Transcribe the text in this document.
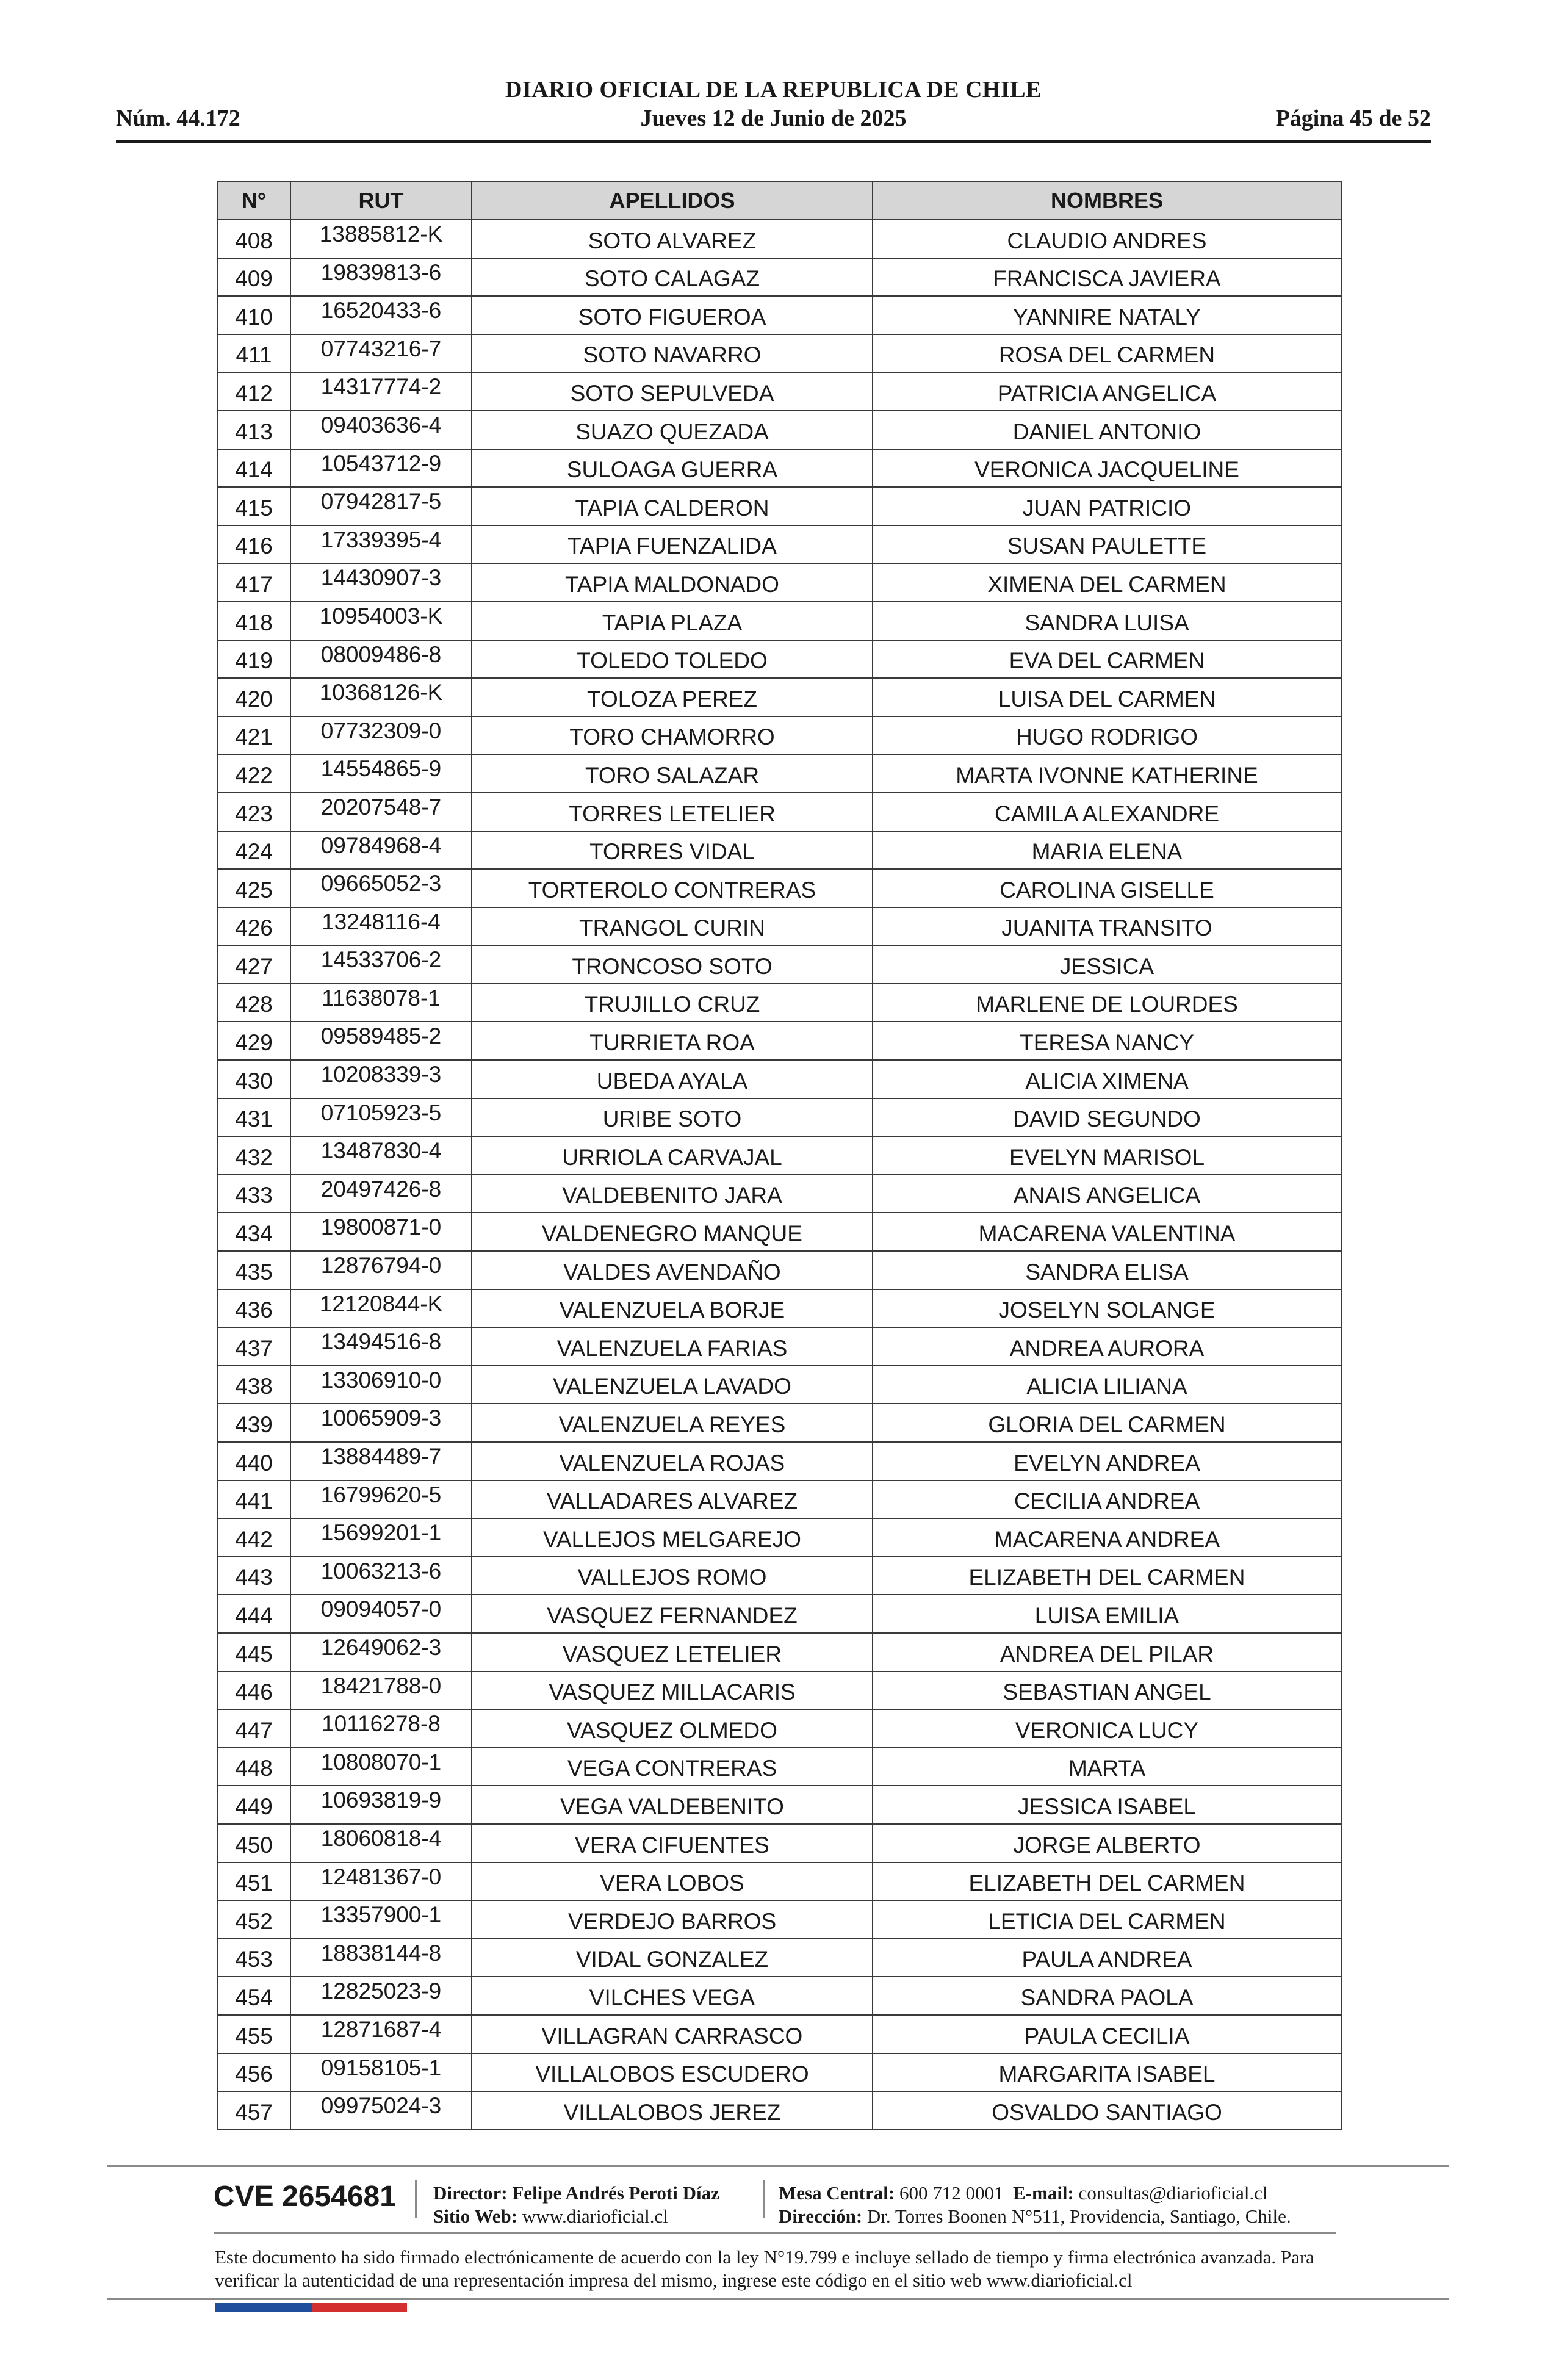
DIARIO OFICIAL DE LA REPUBLICA DE CHILE
Núm. 44.172	Jueves 12 de Junio de 2025	Página 45 de 52
N°	RUT	APELLIDOS	NOMBRES
408	13885812-K	SOTO ALVAREZ	CLAUDIO ANDRES
409	19839813-6	SOTO CALAGAZ	FRANCISCA JAVIERA
410	16520433-6	SOTO FIGUEROA	YANNIRE NATALY
411	07743216-7	SOTO NAVARRO	ROSA DEL CARMEN
412	14317774-2	SOTO SEPULVEDA	PATRICIA ANGELICA
413	09403636-4	SUAZO QUEZADA	DANIEL ANTONIO
414	10543712-9	SULOAGA GUERRA	VERONICA JACQUELINE
415	07942817-5	TAPIA CALDERON	JUAN PATRICIO
416	17339395-4	TAPIA FUENZALIDA	SUSAN PAULETTE
417	14430907-3	TAPIA MALDONADO	XIMENA DEL CARMEN
418	10954003-K	TAPIA PLAZA	SANDRA LUISA
419	08009486-8	TOLEDO TOLEDO	EVA DEL CARMEN
420	10368126-K	TOLOZA PEREZ	LUISA DEL CARMEN
421	07732309-0	TORO CHAMORRO	HUGO RODRIGO
422	14554865-9	TORO SALAZAR	MARTA IVONNE KATHERINE
423	20207548-7	TORRES LETELIER	CAMILA ALEXANDRE
424	09784968-4	TORRES VIDAL	MARIA ELENA
425	09665052-3	TORTEROLO CONTRERAS	CAROLINA GISELLE
426	13248116-4	TRANGOL CURIN	JUANITA TRANSITO
427	14533706-2	TRONCOSO SOTO	JESSICA
428	11638078-1	TRUJILLO CRUZ	MARLENE DE LOURDES
429	09589485-2	TURRIETA ROA	TERESA NANCY
430	10208339-3	UBEDA AYALA	ALICIA XIMENA
431	07105923-5	URIBE SOTO	DAVID SEGUNDO
432	13487830-4	URRIOLA CARVAJAL	EVELYN MARISOL
433	20497426-8	VALDEBENITO JARA	ANAIS ANGELICA
434	19800871-0	VALDENEGRO MANQUE	MACARENA VALENTINA
435	12876794-0	VALDES AVENDAÑO	SANDRA ELISA
436	12120844-K	VALENZUELA BORJE	JOSELYN SOLANGE
437	13494516-8	VALENZUELA FARIAS	ANDREA AURORA
438	13306910-0	VALENZUELA LAVADO	ALICIA LILIANA
439	10065909-3	VALENZUELA REYES	GLORIA DEL CARMEN
440	13884489-7	VALENZUELA ROJAS	EVELYN ANDREA
441	16799620-5	VALLADARES ALVAREZ	CECILIA ANDREA
442	15699201-1	VALLEJOS MELGAREJO	MACARENA ANDREA
443	10063213-6	VALLEJOS ROMO	ELIZABETH DEL CARMEN
444	09094057-0	VASQUEZ FERNANDEZ	LUISA EMILIA
445	12649062-3	VASQUEZ LETELIER	ANDREA DEL PILAR
446	18421788-0	VASQUEZ MILLACARIS	SEBASTIAN ANGEL
447	10116278-8	VASQUEZ OLMEDO	VERONICA LUCY
448	10808070-1	VEGA CONTRERAS	MARTA
449	10693819-9	VEGA VALDEBENITO	JESSICA ISABEL
450	18060818-4	VERA CIFUENTES	JORGE ALBERTO
451	12481367-0	VERA LOBOS	ELIZABETH DEL CARMEN
452	13357900-1	VERDEJO BARROS	LETICIA DEL CARMEN
453	18838144-8	VIDAL GONZALEZ	PAULA ANDREA
454	12825023-9	VILCHES VEGA	SANDRA PAOLA
455	12871687-4	VILLAGRAN CARRASCO	PAULA CECILIA
456	09158105-1	VILLALOBOS ESCUDERO	MARGARITA ISABEL
457	09975024-3	VILLALOBOS JEREZ	OSVALDO SANTIAGO
CVE 2654681 Director: Felipe Andrés Peroti Díaz
Sitio Web: www.diarioficial.cl
Mesa Central: 600 712 0001 E-mail: consultas@diarioficial.cl
Dirección: Dr. Torres Boonen N°511, Providencia, Santiago, Chile.
Este documento ha sido firmado electrónicamente de acuerdo con la ley N°19.799 e incluye sellado de tiempo y firma electrónica avanzada. Para verificar la autenticidad de una representación impresa del mismo, ingrese este código en el sitio web www.diarioficial.cl
